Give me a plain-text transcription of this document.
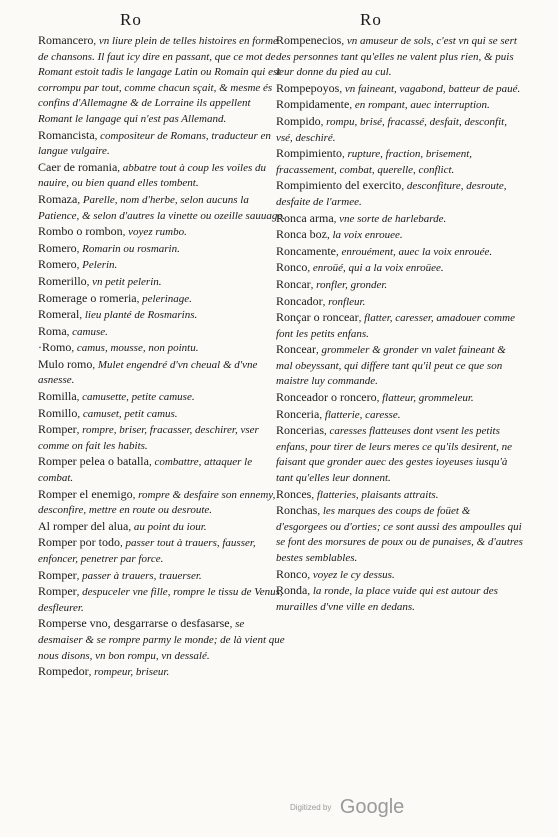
Ro	Ro
Romancero, vn liure plein de telles histoires en forme de chansons. Il faut icy dire en passant, que ce mot de Romant estoit tadis le langage Latin ou Romain qui est corrompu par tout, comme chacun sçait, & mesme és confins d'Allemagne & de Lorraine ils appellent Romant le langage qui n'est pas Allemand.
Romancista, compositeur de Romans, traducteur en langue vulgaire.
Caer de romania, abbatre tout à coup les voiles du nauire, ou bien quand elles tombent.
Romaza, Parelle, nom d'herbe, selon aucuns la Patience, & selon d'autres la vinette ou ozeille sauuage.
Rombo o rombon, voyez rumbo.
Romero, Romarin ou rosmarin.
Romero, Pelerin.
Romerillo, vn petit pelerin.
Romerage o romeria, pelerinage.
Romeral, lieu planté de Rosmarins.
Roma, camuse.
·Romo, camus, mousse, non pointu.
Mulo romo, Mulet engendré d'vn cheual & d'vne asnesse.
Romilla, camusette, petite camuse.
Romillo, camuset, petit camus.
Romper, rompre, briser, fracasser, deschirer, vser comme on fait les habits.
Romper pelea o batalla, combattre, attaquer le combat.
Romper el enemigo, rompre & desfaire son ennemy, desconfire, mettre en route ou desroute.
Al romper del alua, au point du iour.
Romper por todo, passer tout à trauers, fausser, enfoncer, penetrer par force.
Romper, passer à trauers, trauerser.
Romper, despuceler vne fille, rompre le tissu de Venus, desfleurer.
Romperse vno, desgarrarse o desfasarse, se desmaiser & se rompre parmy le monde; de là vient que nous disons, vn bon rompu, vn dessalé.
Rompedor, rompeur, briseur.
Rompenecios, vn amuseur de sols, c'est vn qui se sert des personnes tant qu'elles ne valent plus rien, & puis leur donne du pied au cul.
Rompepoyos, vn faineant, vagabond, batteur de paué.
Rompidamente, en rompant, auec interruption.
Rompido, rompu, brisé, fracassé, desfait, desconfit, vsé, deschiré.
Rompimiento, rupture, fraction, brisement, fracassement, combat, querelle, conflict.
Rompimiento del exercito, desconfiture, desroute, desfaite de l'armee.
Ronca arma, vne sorte de harlebarde.
Ronca boz, la voix enrouee.
Roncamente, enrouément, auec la voix enrouée.
Ronco, enroüé, qui a la voix enroüee.
Roncar, ronfler, gronder.
Roncador, ronfleur.
Ronçar o roncear, flatter, caresser, amadouer comme font les petits enfans.
Roncear, grommeler & gronder vn valet faineant & mal obeyssant, qui differe tant qu'il peut ce que son maistre luy commande.
Ronceador o roncero, flatteur, grommeleur.
Ronceria, flatterie, caresse.
Roncerias, caresses flatteuses dont vsent les petits enfans, pour tirer de leurs meres ce qu'ils desirent, ne faisant que gronder auec des gestes ioyeuses iusqu'à tant qu'elles leur donnent.
Ronces, flatteries, plaisants attraits.
Ronchas, les marques des coups de foüet & d'esgorgees ou d'orties; ce sont aussi des ampoulles qui se font des morsures de poux ou de punaises, & d'autres bestes semblables.
Ronco, voyez le cy dessus.
Ronda, la ronde, la place vuide qui est autour des murailles d'vne ville en dedans.
Digitized by Google
